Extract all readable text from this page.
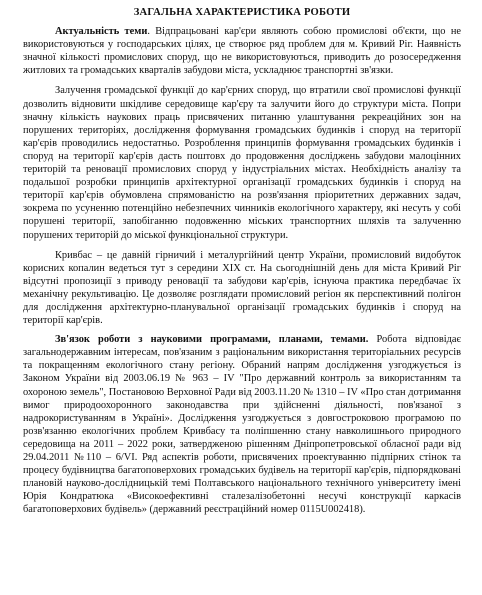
ЗАГАЛЬНА ХАРАКТЕРИСТИКА РОБОТИ

Актуальність теми. Відпрацьовані кар'єри являють собою промислові об'єкти, що не використовуються у господарських цілях, це створює ряд проблем для м. Кривий Ріг. Наявність значної кількості промислових споруд, що не використовуються, приводить до розосередження житлових та громадських кварталів забудови міста, ускладнює транспортні зв'язки.

Залучення громадської функції до кар'єрних споруд, що втратили свої промислові функції дозволить відновити шкідливе середовище кар'єру та залучити його до структури міста. Попри значну кількість наукових праць присвячених питанню улаштування рекреаційних зон на порушених територіях, дослідження формування громадських будинків і споруд на території кар'єрів проводились недостатньо. Розроблення принципів формування громадських будинків і споруд на території кар'єрів дасть поштовх до продовження досліджень забудови малоцінних територій та реновації промислових споруд у індустріальних містах. Необхідність аналізу та подальшої розробки принципів архітектурної організації громадських будинків і споруд на території кар'єрів обумовлена спрямованістю на розв'язання пріоритетних державних задач, зокрема по усуненню потенційно небезпечних чинників екологічного характеру, які несуть у собі порушені території, запобіганню подовженню міських транспортних шляхів та залученню порушених територій до міської функціональної структури.

Кривбас – це давній гірничий і металургійний центр України, промисловий видобуток корисних копалин ведеться тут з середини XIX ст. На сьогоднішній день для міста Кривий Ріг відсутні пропозиції з приводу реновації та забудови кар'єрів, існуюча практика передбачає їх механічну рекультивацію. Це дозволяє розглядати промисловий регіон як перспективний полігон для дослідження архітектурно-планувальної організації громадських будинків і споруд на території кар'єрів.

Зв'язок роботи з науковими програмами, планами, темами. Робота відповідає загальнодержавним інтересам, пов'язаним з раціональним використання територіальних ресурсів та покращенням екологічного стану регіону. Обраний напрям дослідження узгоджується із Законом України від 2003.06.19 № 963 – IV "Про державний контроль за використанням та охороною земель", Постановою Верховної Ради від 2003.11.20 № 1310 – IV «Про стан дотримання вимог природоохоронного законодавства при здійсненні діяльності, пов'язаної з надрокористуванням в Україні». Дослідження узгоджується з довгостроковою програмою по розв'язанню екологічних проблем Кривбасу та поліпшенню стану навколишнього природного середовища на 2011 – 2022 роки, затвердженою рішенням Дніпропетровської обласної ради від 29.04.2011 №110 – 6/VI. Ряд аспектів роботи, присвячених проектуванню підпірних стінок та процесу будівництва багатоповерхових громадських будівель на території кар'єрів, підпорядковані плановій науково-дослідницькій темі Полтавського національного технічного університету імені Юрія Кондратюка «Високоефективні сталезалізобетонні несучі конструкції каркасів багатоповерхових будівель» (державний реєстраційний номер 0115U002418).
